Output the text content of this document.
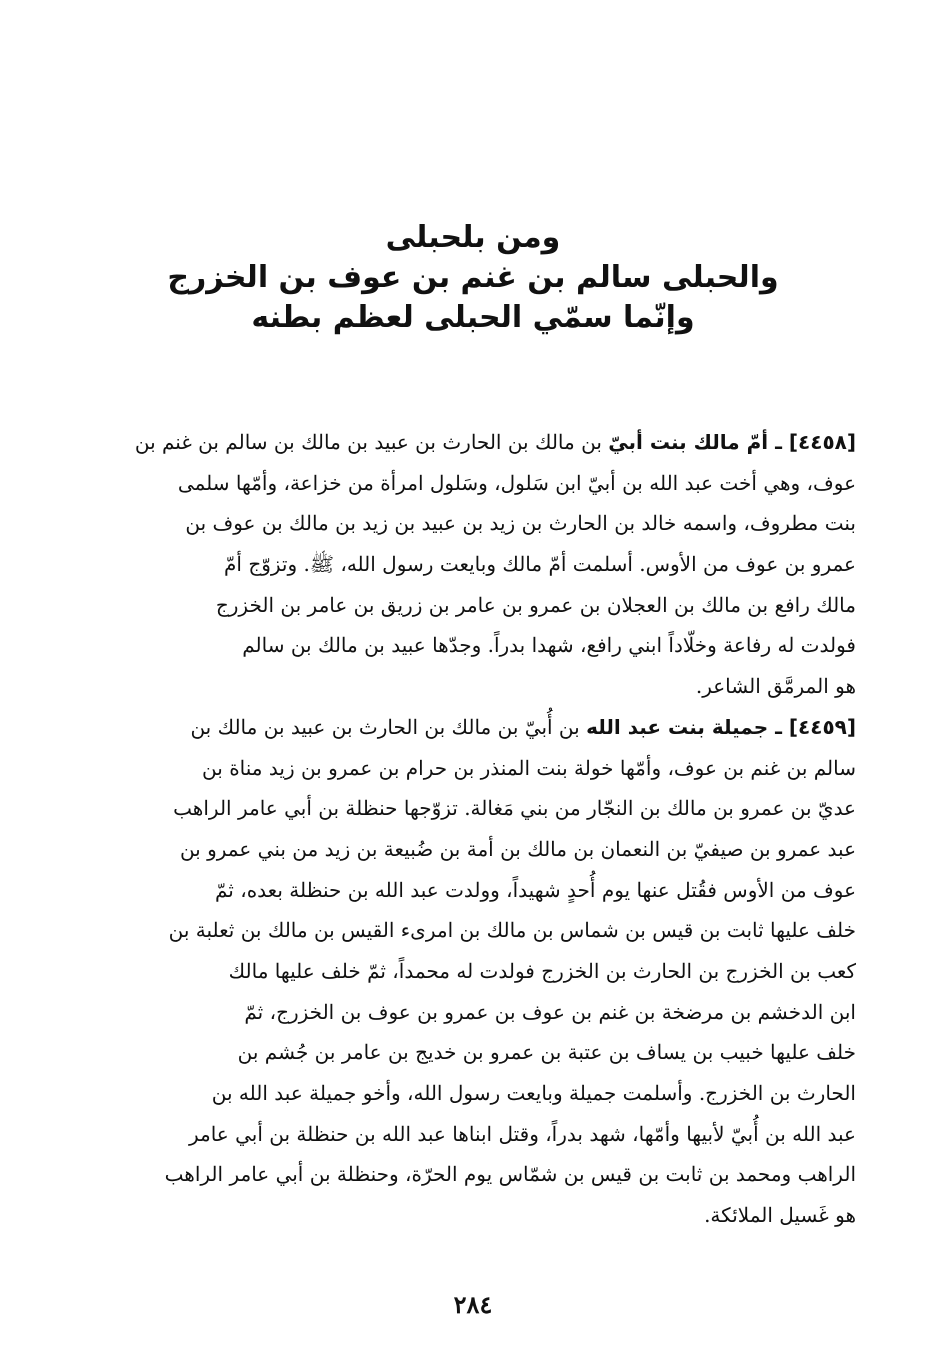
ومن بلحبلى
والحبلى سالم بن غنم بن عوف بن الخزرج
وإنّما سمّي الحبلى لعظم بطنه
[٤٤٥٨] ـ أمّ مالك بنت أبيّ بن مالك بن الحارث بن عبيد بن مالك بن سالم بن غنم بن
عوف، وهي أخت عبد الله بن أبيّ ابن سَلول، وسَلول امرأة من خزاعة، وأمّها سلمى
بنت مطروف، واسمه خالد بن الحارث بن زيد بن عبيد بن زيد بن مالك بن عوف بن
عمرو بن عوف من الأوس. أسلمت أمّ مالك وبايعت رسول الله، ﷺ. وتزوّج أمّ
مالك رافع بن مالك بن العجلان بن عمرو بن عامر بن زريق بن عامر بن الخزرج
فولدت له رفاعة وخلّاداً ابني رافع، شهدا بدراً. وجدّها عبيد بن مالك بن سالم
هو المرمَّق الشاعر.
[٤٤٥٩] ـ جميلة بنت عبد الله بن أُبيّ بن مالك بن الحارث بن عبيد بن مالك بن
سالم بن غنم بن عوف، وأمّها خولة بنت المنذر بن حرام بن عمرو بن زيد مناة بن
عديّ بن عمرو بن مالك بن النجّار من بني مَغالة. تزوّجها حنظلة بن أبي عامر الراهب
عبد عمرو بن صيفيّ بن النعمان بن مالك بن أمة بن ضُبيعة بن زيد من بني عمرو بن
عوف من الأوس فقُتل عنها يوم أُحدٍ شهيداً، وولدت عبد الله بن حنظلة بعده، ثمّ
خلف عليها ثابت بن قيس بن شماس بن مالك بن امرىء القيس بن مالك بن ثعلبة بن
كعب بن الخزرج بن الحارث بن الخزرج فولدت له محمداً، ثمّ خلف عليها مالك
ابن الدخشم بن مرضخة بن غنم بن عوف بن عمرو بن عوف بن الخزرج، ثمّ
خلف عليها خبيب بن يساف بن عتبة بن عمرو بن خديج بن عامر بن جُشم بن
الحارث بن الخزرج. وأسلمت جميلة وبايعت رسول الله، وأخو جميلة عبد الله بن
عبد الله بن أُبيّ لأبيها وأمّها، شهد بدراً، وقتل ابناها عبد الله بن حنظلة بن أبي عامر
الراهب ومحمد بن ثابت بن قيس بن شمّاس يوم الحرّة، وحنظلة بن أبي عامر الراهب
هو غَسيل الملائكة.
٢٨٤
